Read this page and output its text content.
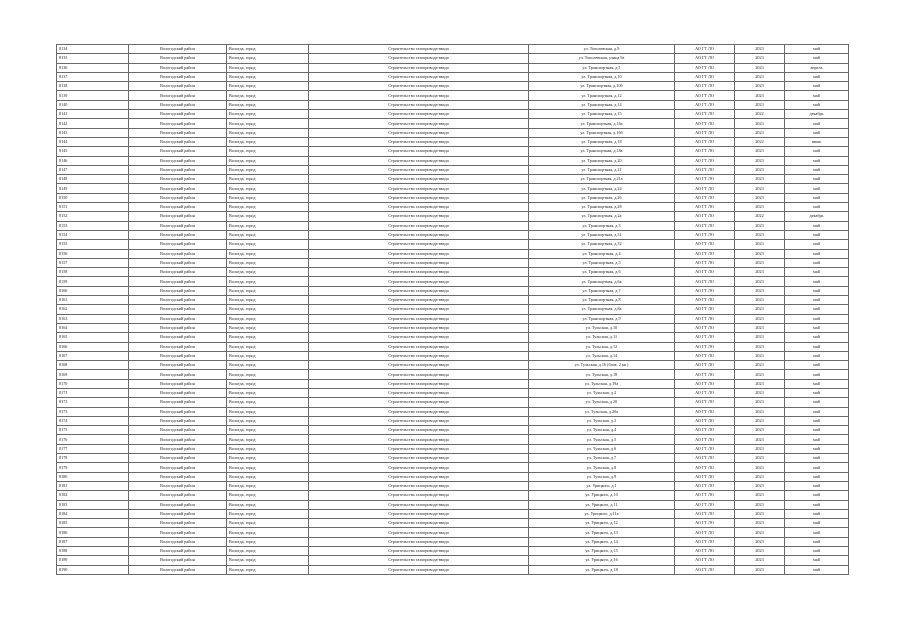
8134	Вологодский район	Вологда, город	Строительство газопровода-ввода	ул. Тополевская, д.9	АО ГТ ЛО	2023	май
8135	Вологодский район	Вологда, город	Строительство газопровода-ввода	ул. Тополевская, улица 9а	АО ГТ ЛО	2023	май
8136	Вологодский район	Вологда, город	Строительство газопровода-ввода	ул. Транспортная, д.1	АО ГТ ЛО	2023	апрель
8137	Вологодский район	Вологда, город	Строительство газопровода-ввода	ул. Транспортная, д.10	АО ГТ ЛО	2023	май
8138	Вологодский район	Вологда, город	Строительство газопровода-ввода	ул. Транспортная, д.10б	АО ГТ ЛО	2023	май
8139	Вологодский район	Вологда, город	Строительство газопровода-ввода	ул. Транспортная, д.12	АО ГТ ЛО	2023	май
8140	Вологодский район	Вологда, город	Строительство газопровода-ввода	ул. Транспортная, д.14	АО ГТ ЛО	2023	май
8141	Вологодский район	Вологда, город	Строительство газопровода-ввода	ул. Транспортная, д.15	АО ГТ ЛО	2022	декабрь
8142	Вологодский район	Вологда, город	Строительство газопровода-ввода	ул. Транспортная, д.16а	АО ГТ ЛО	2023	май
8143	Вологодский район	Вологда, город	Строительство газопровода-ввода	ул. Транспортная, д.16б	АО ГТ ЛО	2023	май
8144	Вологодский район	Вологда, город	Строительство газопровода-ввода	ул. Транспортная, д.18	АО ГТ ЛО	2022	июнь
8145	Вологодский район	Вологда, город	Строительство газопровода-ввода	ул. Транспортная, д.18а	АО ГТ ЛО	2023	май
8146	Вологодский район	Вологда, город	Строительство газопровода-ввода	ул. Транспортная, д.20	АО ГТ ЛО	2023	май
8147	Вологодский район	Вологда, город	Строительство газопровода-ввода	ул. Транспортная, д.21	АО ГТ ЛО	2023	май
8148	Вологодский район	Вологда, город	Строительство газопровода-ввода	ул. Транспортная, д.21а	АО ГТ ЛО	2023	май
8149	Вологодский район	Вологда, город	Строительство газопровода-ввода	ул. Транспортная, д.24	АО ГТ ЛО	2023	май
8150	Вологодский район	Вологда, город	Строительство газопровода-ввода	ул. Транспортная, д.26	АО ГТ ЛО	2023	май
8151	Вологодский район	Вологда, город	Строительство газопровода-ввода	ул. Транспортная, д.28	АО ГТ ЛО	2023	май
8152	Вологодский район	Вологда, город	Строительство газопровода-ввода	ул. Транспортная, д.2а	АО ГТ ЛО	2022	декабрь
8153	Вологодский район	Вологда, город	Строительство газопровода-ввода	ул. Транспортная, д.3	АО ГТ ЛО	2023	май
8154	Вологодский район	Вологда, город	Строительство газопровода-ввода	ул. Транспортная, д.31	АО ГТ ЛО	2023	май
8155	Вологодский район	Вологда, город	Строительство газопровода-ввода	ул. Транспортная, д.32	АО ГТ ЛО	2023	май
8156	Вологодский район	Вологда, город	Строительство газопровода-ввода	ул. Транспортная, д.4	АО ГТ ЛО	2023	май
8157	Вологодский район	Вологда, город	Строительство газопровода-ввода	ул. Транспортная, д.5	АО ГТ ЛО	2023	май
8158	Вологодский район	Вологда, город	Строительство газопровода-ввода	ул. Транспортная, д.6	АО ГТ ЛО	2023	май
8159	Вологодский район	Вологда, город	Строительство газопровода-ввода	ул. Транспортная, д.6а	АО ГТ ЛО	2023	май
8160	Вологодский район	Вологда, город	Строительство газопровода-ввода	ул. Транспортная, д.7	АО ГТ ЛО	2023	май
8161	Вологодский район	Вологда, город	Строительство газопровода-ввода	ул. Транспортная, д.8	АО ГТ ЛО	2023	май
8162	Вологодский район	Вологда, город	Строительство газопровода-ввода	ул. Транспортная, д.8а	АО ГТ ЛО	2023	май
8163	Вологодский район	Вологда, город	Строительство газопровода-ввода	ул. Транспортная, д.9	АО ГТ ЛО	2023	май
8164	Вологодский район	Вологда, город	Строительство газопровода-ввода	ул. Тульская, д.10	АО ГТ ЛО	2023	май
8165	Вологодский район	Вологда, город	Строительство газопровода-ввода	ул. Тульская, д.11	АО ГТ ЛО	2023	май
8166	Вологодский район	Вологда, город	Строительство газопровода-ввода	ул. Тульская, д.12	АО ГТ ЛО	2023	май
8167	Вологодский район	Вологда, город	Строительство газопровода-ввода	ул. Тульская, д.14	АО ГТ ЛО	2023	май
8168	Вологодский район	Вологда, город	Строительство газопровода-ввода	ул. Тульская, д.16 (блок. 2 кв.)	АО ГТ ЛО	2023	май
8169	Вологодский район	Вологда, город	Строительство газопровода-ввода	ул. Тульская, д.18	АО ГТ ЛО	2023	май
8170	Вологодский район	Вологда, город	Строительство газопровода-ввода	ул. Тульская, д.19а	АО ГТ ЛО	2023	май
8171	Вологодский район	Вологда, город	Строительство газопровода-ввода	ул. Тульская, д.2	АО ГТ ЛО	2023	май
8172	Вологодский район	Вологда, город	Строительство газопровода-ввода	ул. Тульская, д.20	АО ГТ ЛО	2023	май
8173	Вологодский район	Вологда, город	Строительство газопровода-ввода	ул. Тульская, д.20а	АО ГТ ЛО	2023	май
8174	Вологодский район	Вологда, город	Строительство газопровода-ввода	ул. Тульская, д.3	АО ГТ ЛО	2023	май
8175	Вологодский район	Вологда, город	Строительство газопровода-ввода	ул. Тульская, д.4	АО ГТ ЛО	2023	май
8176	Вологодский район	Вологда, город	Строительство газопровода-ввода	ул. Тульская, д.5	АО ГТ ЛО	2023	май
8177	Вологодский район	Вологда, город	Строительство газопровода-ввода	ул. Тульская, д.6	АО ГТ ЛО	2023	май
8178	Вологодский район	Вологда, город	Строительство газопровода-ввода	ул. Тульская, д.7	АО ГТ ЛО	2023	май
8179	Вологодский район	Вологда, город	Строительство газопровода-ввода	ул. Тульская, д.8	АО ГТ ЛО	2023	май
8180	Вологодский район	Вологда, город	Строительство газопровода-ввода	ул. Тульская, д.9	АО ГТ ЛО	2023	май
8181	Вологодский район	Вологда, город	Строительство газопровода-ввода	ул. Урицкого, д.1	АО ГТ ЛО	2023	май
8182	Вологодский район	Вологда, город	Строительство газопровода-ввода	ул. Урицкого, д.10	АО ГТ ЛО	2023	май
8183	Вологодский район	Вологда, город	Строительство газопровода-ввода	ул. Урицкого, д.11	АО ГТ ЛО	2023	май
8184	Вологодский район	Вологда, город	Строительство газопровода-ввода	ул. Урицкого, д.11а	АО ГТ ЛО	2023	май
8185	Вологодский район	Вологда, город	Строительство газопровода-ввода	ул. Урицкого, д.12	АО ГТ ЛО	2023	май
8186	Вологодский район	Вологда, город	Строительство газопровода-ввода	ул. Урицкого, д.13	АО ГТ ЛО	2023	май
8187	Вологодский район	Вологда, город	Строительство газопровода-ввода	ул. Урицкого, д.14	АО ГТ ЛО	2023	май
8188	Вологодский район	Вологда, город	Строительство газопровода-ввода	ул. Урицкого, д.15	АО ГТ ЛО	2023	май
8189	Вологодский район	Вологда, город	Строительство газопровода-ввода	ул. Урицкого, д.16	АО ГТ ЛО	2023	май
8190	Вологодский район	Вологда, город	Строительство газопровода-ввода	ул. Урицкого, д.18	АО ГТ ЛО	2023	май
